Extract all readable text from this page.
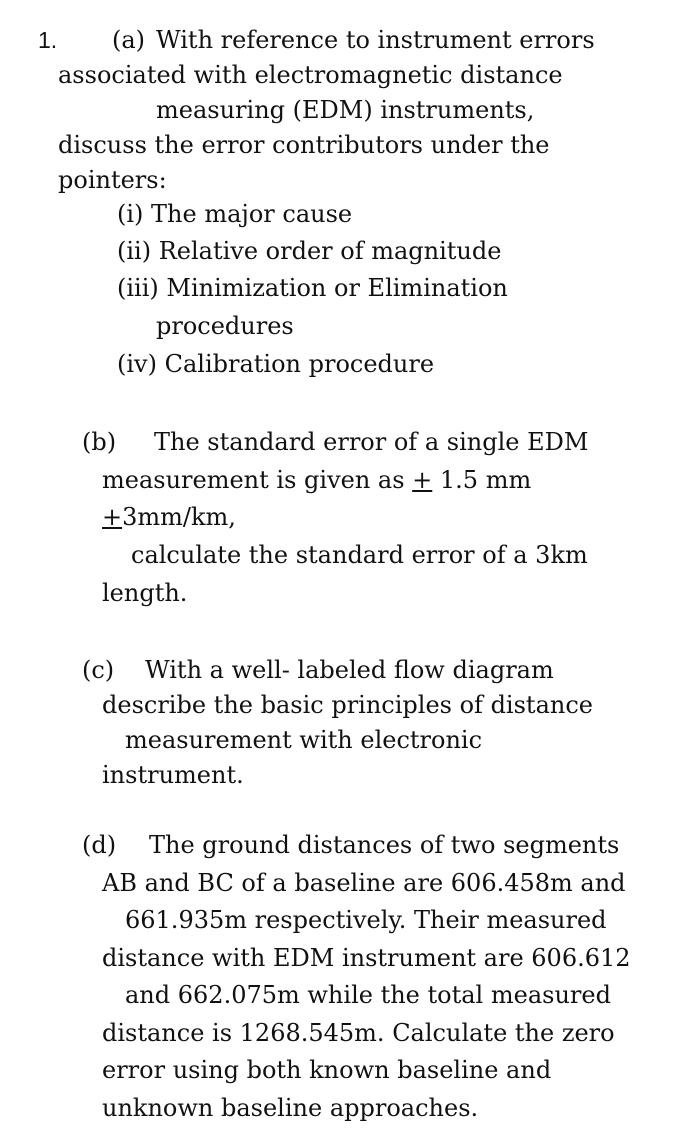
1. (a) With reference to instrument errors
associated with electromagnetic distance
measuring (EDM) instruments,
discuss the error contributors under the
pointers:
(i) The major cause
(ii) Relative order of magnitude
(iii) Minimization or Elimination
procedures
(iv) Calibration procedure
(b) The standard error of a single EDM
measurement is given as + 1.5 mm
+3mm/km,
calculate the standard error of a 3km
length.
(c) With a well- labeled flow diagram
describe the basic principles of distance
measurement with electronic
instrument.
(d) The ground distances of two segments
AB and BC of a baseline are 606.458m and
661.935m respectively. Their measured
distance with EDM instrument are 606.612
and 662.075m while the total measured
distance is 1268.545m. Calculate the zero
error using both known baseline and
unknown baseline approaches.
